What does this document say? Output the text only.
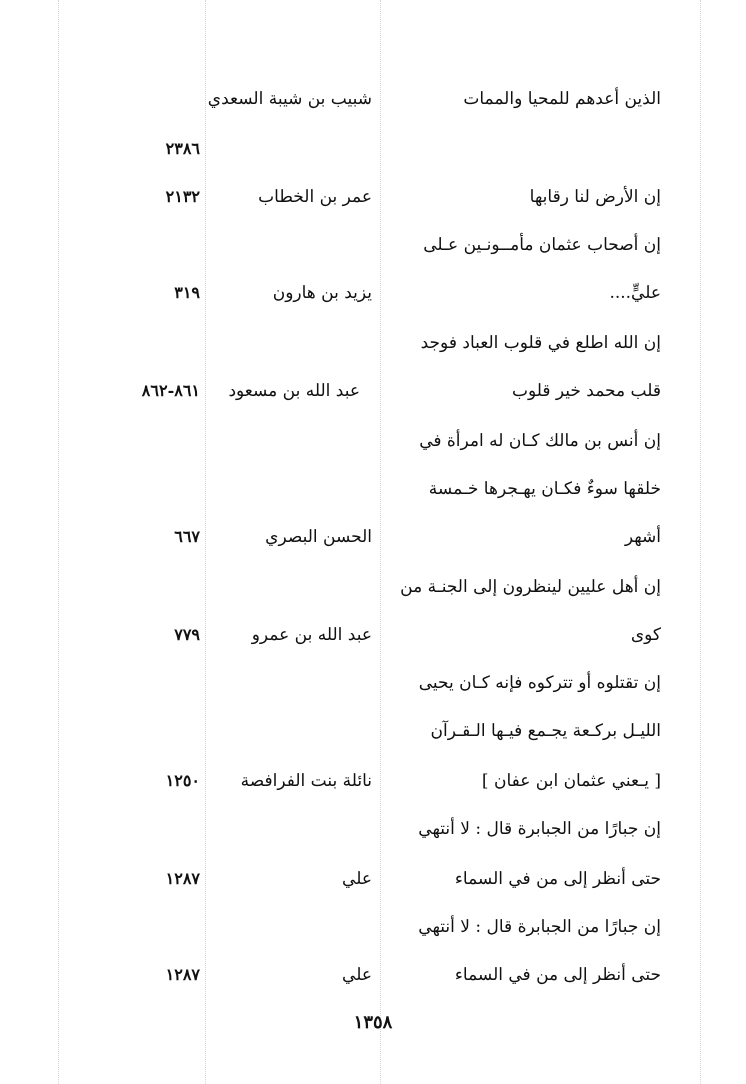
الذين أعدهم للمحيا والممات
شبيب بن شيبة السعدي
٢٣٨٦
إن الأرض لنا رقابها
عمر بن الخطاب
٢١٣٢
إن أصحاب عثمان مأمــونـين عـلى
عليٍّ....
يزيد بن هارون
٣١٩
إن الله اطلع في قلوب العباد فوجد
قلب محمد خير قلوب
عبد الله بن مسعود
٨٦١-٨٦٢
إن أنس بن مالك كـان له امرأة في
خلقها سوءٌ فكـان يهـجرها خـمسة
أشهر
الحسن البصري
٦٦٧
إن أهل عليين لينظرون إلى الجنـة من
كوى
عبد الله بن عمرو
٧٧٩
إن تقتلوه أو تتركوه فإنه كـان يحيى
الليـل بركـعة يجـمع فيـها الـقـرآن
[ يـعني عثمان ابن عفان ]
نائلة بنت الفرافصة
١٢٥٠
إن جبارًا من الجبابرة قال : لا أنتهي
حتى أنظر إلى من في السماء
علي
١٢٨٧
إن جبارًا من الجبابرة قال : لا أنتهي
حتى أنظر إلى من في السماء
علي
١٢٨٧
١٣٥٨
